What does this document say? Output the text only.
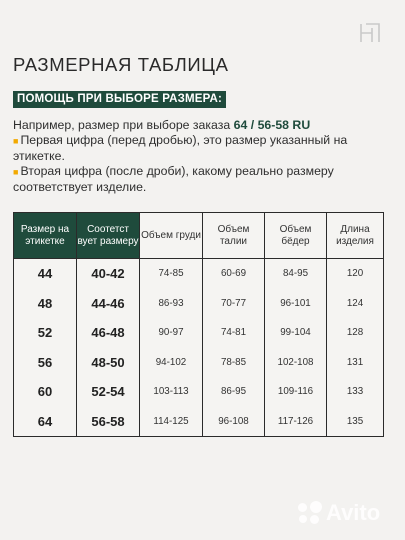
РАЗМЕРНАЯ ТАБЛИЦА
ПОМОЩЬ ПРИ ВЫБОРЕ РАЗМЕРА:
Например, размер при выборе заказа 64 / 56-58 RU
■ Первая цифра (перед дробью), это размер указанный на этикетке.
■ Вторая цифра (после дроби), какому реально размеру соответствует изделие.
Размер на этикетке	Соотетст вует размеру	Объем груди	Объем талии	Объем бёдер	Длина изделия
44	40-42	74-85	60-69	84-95	120
48	44-46	86-93	70-77	96-101	124
52	46-48	90-97	74-81	99-104	128
56	48-50	94-102	78-85	102-108	131
60	52-54	103-113	86-95	109-116	133
64	56-58	114-125	96-108	117-126	135
Avito
